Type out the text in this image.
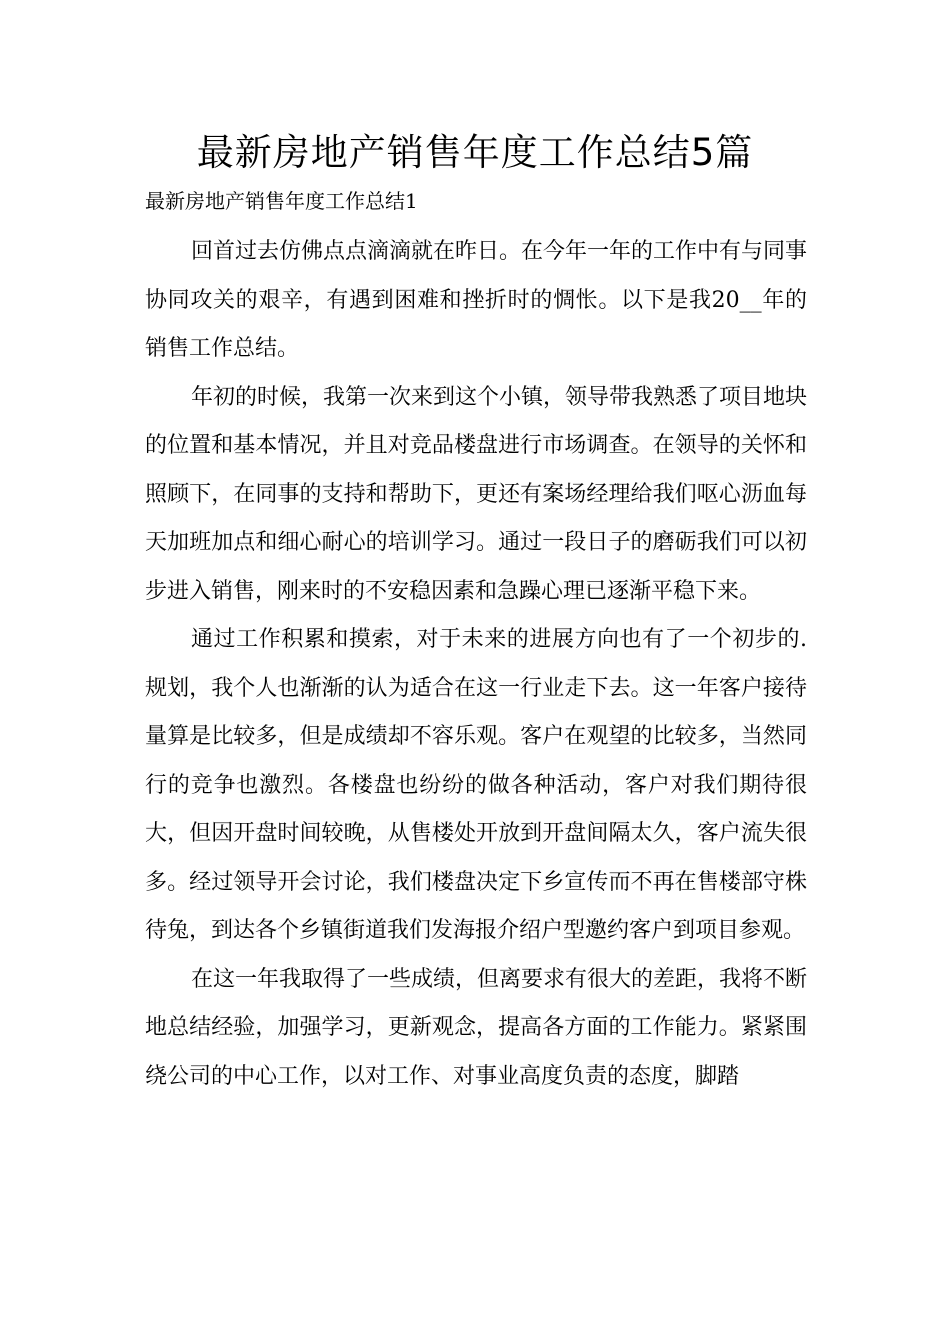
最新房地产销售年度工作总结5篇

最新房地产销售年度工作总结1

回首过去仿佛点点滴滴就在昨日。在今年一年的工作中有与同事协同攻关的艰辛，有遇到困难和挫折时的惆怅。以下是我20__年的销售工作总结。

年初的时候，我第一次来到这个小镇，领导带我熟悉了项目地块的位置和基本情况，并且对竞品楼盘进行市场调查。在领导的关怀和照顾下，在同事的支持和帮助下，更还有案场经理给我们呕心沥血每天加班加点和细心耐心的培训学习。通过一段日子的磨砺我们可以初步进入销售，刚来时的不安稳因素和急躁心理已逐渐平稳下来。

通过工作积累和摸索，对于未来的进展方向也有了一个初步的.规划，我个人也渐渐的认为适合在这一行业走下去。这一年客户接待量算是比较多，但是成绩却不容乐观。客户在观望的比较多，当然同行的竞争也激烈。各楼盘也纷纷的做各种活动，客户对我们期待很大，但因开盘时间较晚，从售楼处开放到开盘间隔太久，客户流失很多。经过领导开会讨论，我们楼盘决定下乡宣传而不再在售楼部守株待兔，到达各个乡镇街道我们发海报介绍户型邀约客户到项目参观。

在这一年我取得了一些成绩，但离要求有很大的差距，我将不断地总结经验，加强学习，更新观念，提高各方面的工作能力。紧紧围绕公司的中心工作，以对工作、对事业高度负责的态度，脚踏
